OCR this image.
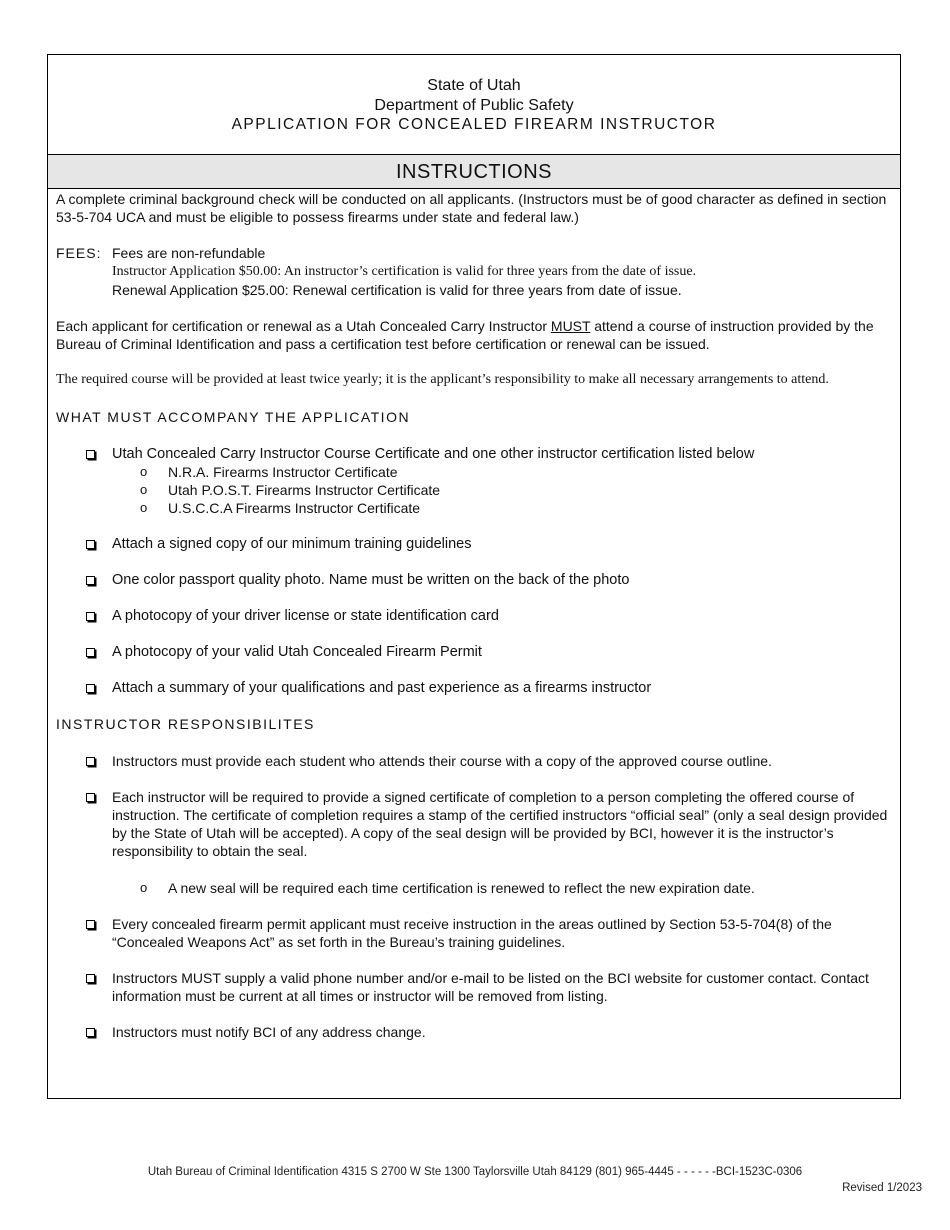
State of Utah
Department of Public Safety
APPLICATION FOR CONCEALED FIREARM INSTRUCTOR
INSTRUCTIONS

A complete criminal background check will be conducted on all applicants. (Instructors must be of good character as defined in section 53-5-704 UCA and must be eligible to possess firearms under state and federal law.)

FEES: Fees are non-refundable

Instructor Application $50.00: An instructor’s certification is valid for three years from the date of issue.

Renewal Application $25.00: Renewal certification is valid for three years from date of issue.

Each applicant for certification or renewal as a Utah Concealed Carry Instructor MUST attend a course of instruction provided by the Bureau of Criminal Identification and pass a certification test before certification or renewal can be issued.

The required course will be provided at least twice yearly; it is the applicant’s responsibility to make all necessary arrangements to attend.

WHAT MUST ACCOMPANY THE APPLICATION

Utah Concealed Carry Instructor Course Certificate and one other instructor certification listed below
o N.R.A. Firearms Instructor Certificate
o Utah P.O.S.T. Firearms Instructor Certificate
o U.S.C.C.A Firearms Instructor Certificate
Attach a signed copy of our minimum training guidelines
One color passport quality photo. Name must be written on the back of the photo
A photocopy of your driver license or state identification card
A photocopy of your valid Utah Concealed Firearm Permit
Attach a summary of your qualifications and past experience as a firearms instructor

INSTRUCTOR RESPONSIBILITES

Instructors must provide each student who attends their course with a copy of the approved course outline.
Each instructor will be required to provide a signed certificate of completion to a person completing the offered course of instruction. The certificate of completion requires a stamp of the certified instructors “official seal” (only a seal design provided by the State of Utah will be accepted). A copy of the seal design will be provided by BCI, however it is the instructor’s responsibility to obtain the seal.
o A new seal will be required each time certification is renewed to reflect the new expiration date.
Every concealed firearm permit applicant must receive instruction in the areas outlined by Section 53-5-704(8) of the “Concealed Weapons Act” as set forth in the Bureau’s training guidelines.
Instructors MUST supply a valid phone number and/or e-mail to be listed on the BCI website for customer contact. Contact information must be current at all times or instructor will be removed from listing.
Instructors must notify BCI of any address change.
Utah Bureau of Criminal Identification 4315 S 2700 W Ste 1300 Taylorsville Utah 84129 (801) 965-4445 - - - - - -BCI-1523C-0306
Revised 1/2023
